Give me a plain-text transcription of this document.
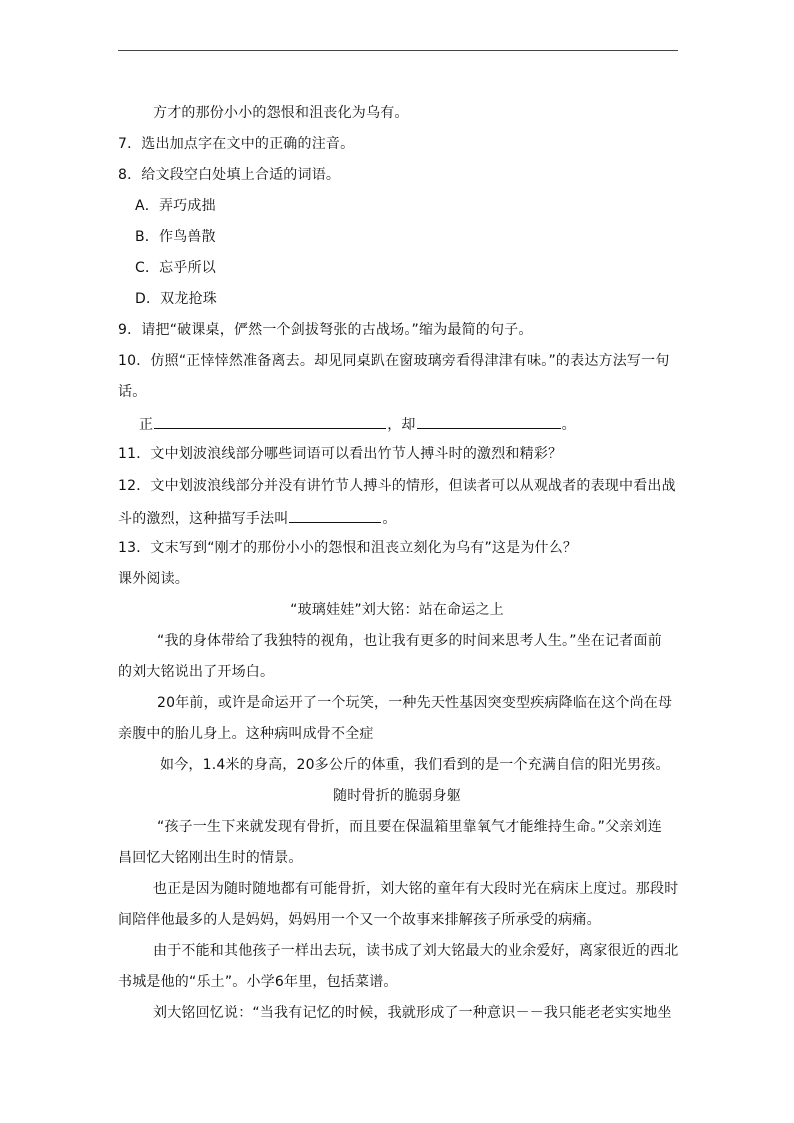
方才的那份小小的怨恨和沮丧化为乌有。
7．选出加点字在文中的正确的注音。
8．给文段空白处填上合适的词语。
A．弄巧成拙
B．作鸟兽散
C．忘乎所以
D．双龙抢珠
9．请把“破课桌，俨然一个剑拔弩张的古战场。”缩为最简的句子。
10．仿照“正悻悻然准备离去。却见同桌趴在窗玻璃旁看得津津有味。”的表达方法写一句
话。
正	，却	。
11．文中划波浪线部分哪些词语可以看出竹节人搏斗时的激烈和精彩？
12．文中划波浪线部分并没有讲竹节人搏斗的情形，但读者可以从观战者的表现中看出战
斗的激烈，这种描写手法叫	。
13．文末写到“刚才的那份小小的怨恨和沮丧立刻化为乌有”这是为什么？
课外阅读。
“玻璃娃娃”刘大铭：站在命运之上
“我的身体带给了我独特的视角，也让我有更多的时间来思考人生。”坐在记者面前
的刘大铭说出了开场白。
20年前，或许是命运开了一个玩笑，一种先天性基因突变型疾病降临在这个尚在母
亲腹中的胎儿身上。这种病叫成骨不全症
如今，1.4米的身高，20多公斤的体重，我们看到的是一个充满自信的阳光男孩。
随时骨折的脆弱身躯
“孩子一生下来就发现有骨折，而且要在保温箱里靠氧气才能维持生命。”父亲刘连
昌回忆大铭刚出生时的情景。
也正是因为随时随地都有可能骨折，刘大铭的童年有大段时光在病床上度过。那段时
间陪伴他最多的人是妈妈，妈妈用一个又一个故事来排解孩子所承受的病痛。
由于不能和其他孩子一样出去玩，读书成了刘大铭最大的业余爱好，离家很近的西北
书城是他的“乐土”。小学6年里，包括菜谱。
刘大铭回忆说：“当我有记忆的时候，我就形成了一种意识－－我只能老老实实地坐
